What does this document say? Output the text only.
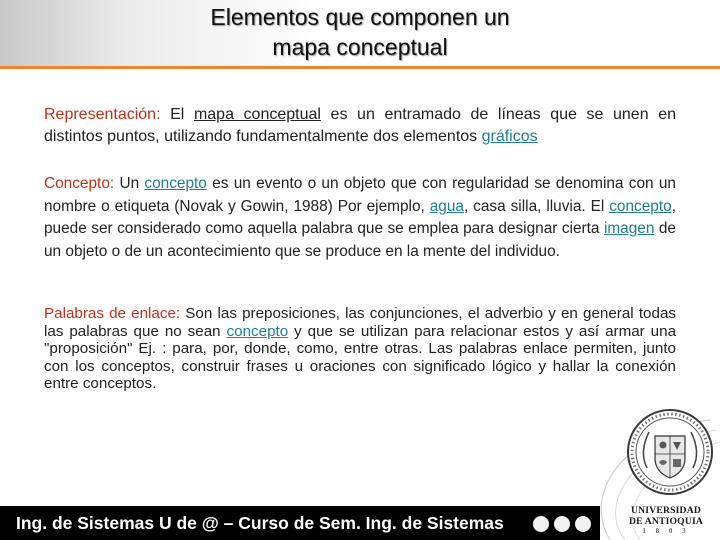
Elementos que componen un
mapa conceptual

Representación: El mapa conceptual es un entramado de líneas que se unen en distintos puntos, utilizando fundamentalmente dos elementos gráficos

Concepto: Un concepto es un evento o un objeto que con regularidad se denomina con un nombre o etiqueta (Novak y Gowin, 1988) Por ejemplo, agua, casa silla, lluvia. El concepto, puede ser considerado como aquella palabra que se emplea para designar cierta imagen de un objeto o de un acontecimiento que se produce en la mente del individuo.

Palabras de enlace: Son las preposiciones, las conjunciones, el adverbio y en general todas las palabras que no sean concepto y que se utilizan para relacionar estos y así armar una "proposición" Ej. : para, por, donde, como, entre otras. Las palabras enlace permiten, junto con los conceptos, construir frases u oraciones con significado lógico y hallar la conexión entre conceptos.

UNIVERSIDAD
DE ANTIOQUIA
1 8 0 3
Ing. de Sistemas U de @ – Curso de Sem. Ing. de Sistemas
